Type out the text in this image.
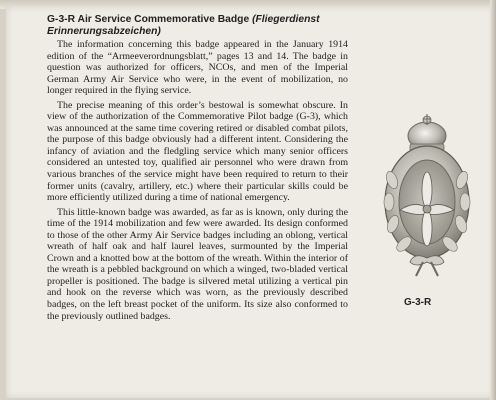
G-3-R Air Service Commemorative Badge (Fliegerdienst Erinnerungsabzeichen)

The information concerning this badge appeared in the January 1914 edition of the “Armeeverordnungsblatt,” pages 13 and 14. The badge in question was authorized for officers, NCOs, and men of the Imperial German Army Air Service who were, in the event of mobilization, no longer required in the flying service.

The precise meaning of this order’s bestowal is somewhat obscure. In view of the authorization of the Commemorative Pilot badge (G-3), which was announced at the same time covering retired or disabled combat pilots, the purpose of this badge obviously had a different intent. Considering the infancy of aviation and the fledgling service which many senior officers considered an untested toy, qualified air personnel who were drawn from various branches of the service might have been required to return to their former units (cavalry, artillery, etc.) where their particular skills could be more efficiently utilized during a time of national emergency.

This little-known badge was awarded, as far as is known, only during the time of the 1914 mobilization and few were awarded. Its design conformed to those of the other Army Air Service badges including an oblong, vertical wreath of half oak and half laurel leaves, surmounted by the Imperial Crown and a knotted bow at the bottom of the wreath. Within the interior of the wreath is a pebbled background on which a winged, two-bladed vertical propeller is positioned. The badge is silvered metal utilizing a vertical pin and hook on the reverse which was worn, as the previously described badges, on the left breast pocket of the uniform. Its size also conformed to the previously outlined badges.

G-3-R
